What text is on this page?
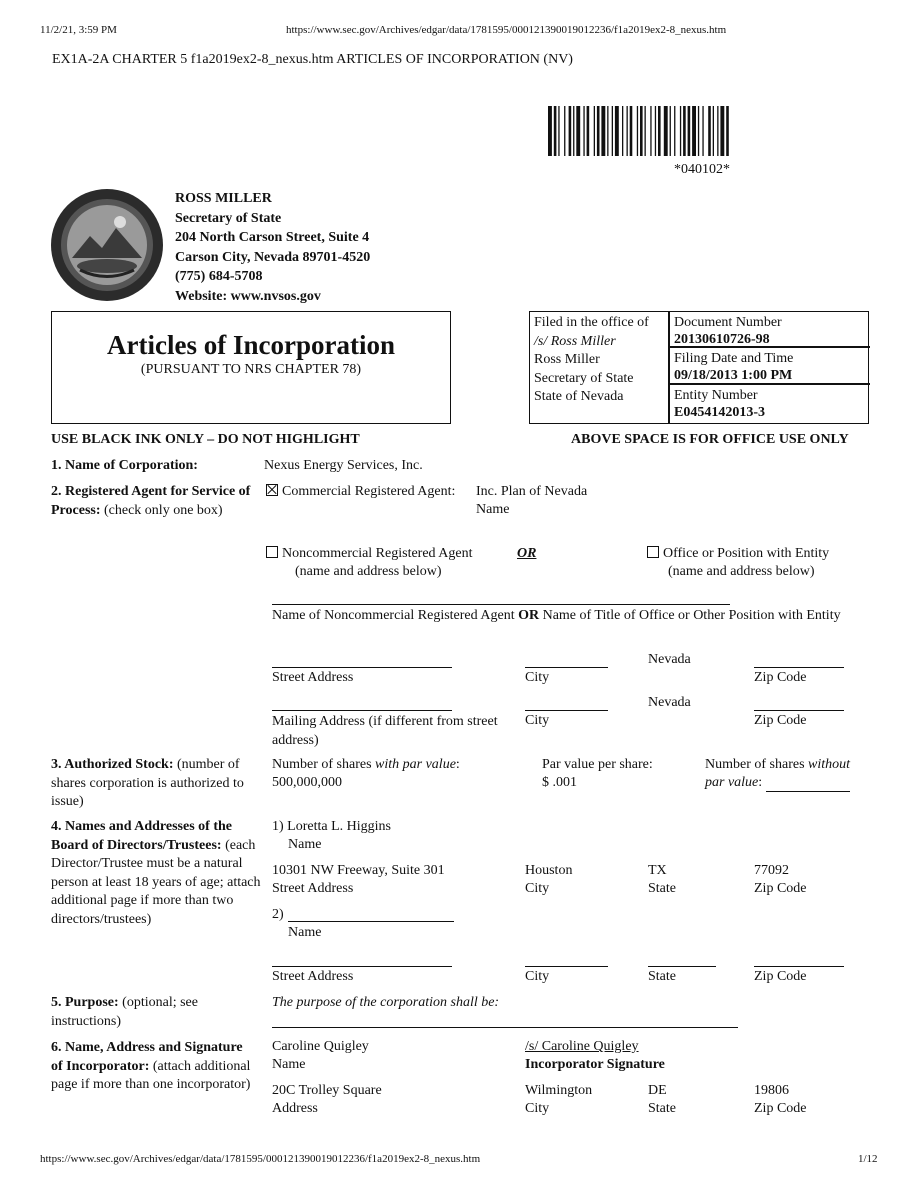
11/2/21, 3:59 PM	https://www.sec.gov/Archives/edgar/data/1781595/000121390019012236/f1a2019ex2-8_nexus.htm
EX1A-2A CHARTER 5 f1a2019ex2-8_nexus.htm ARTICLES OF INCORPORATION (NV)
*040102*
ROSS MILLER
Secretary of State
204 North Carson Street, Suite 4
Carson City, Nevada 89701-4520
(775) 684-5708
Website: www.nvsos.gov
Articles of Incorporation
(PURSUANT TO NRS CHAPTER 78)
Filed in the office of
/s/ Ross Miller
Ross Miller
Secretary of State
State of Nevada
Document Number
20130610726-98
Filing Date and Time
09/18/2013 1:00 PM
Entity Number
E0454142013-3
USE BLACK INK ONLY – DO NOT HIGHLIGHT	ABOVE SPACE IS FOR OFFICE USE ONLY
1. Name of Corporation:	Nexus Energy Services, Inc.
2. Registered Agent for Service of Process: (check only one box)
Commercial Registered Agent: Inc. Plan of Nevada
Name
Noncommercial Registered Agent
(name and address below)
OR	Office or Position with Entity
(name and address below)
Name of Noncommercial Registered Agent OR Name of Title of Office or Other Position with Entity
Nevada
Street Address	City	Zip Code
Nevada
Mailing Address (if different from street address)
City	Zip Code
3. Authorized Stock: (number of shares corporation is authorized to issue)
Number of shares with par value:
500,000,000
Par value per share:
$ .001
Number of shares without
par value:
4. Names and Addresses of the Board of Directors/Trustees: (each Director/Trustee must be a natural person at least 18 years of age; attach additional page if more than two directors/trustees)
1) Loretta L. Higgins
Name
10301 NW Freeway, Suite 301	Houston	TX	77092
Street Address	City	State	Zip Code
2)
Name
Street Address	City	State	Zip Code
5. Purpose: (optional; see instructions)
The purpose of the corporation shall be:
6. Name, Address and Signature of Incorporator: (attach additional page if more than one incorporator)
Caroline Quigley
Name
/s/ Caroline Quigley
Incorporator Signature
20C Trolley Square	Wilmington	DE	19806
Address	City	State	Zip Code
https://www.sec.gov/Archives/edgar/data/1781595/000121390019012236/f1a2019ex2-8_nexus.htm	1/12
